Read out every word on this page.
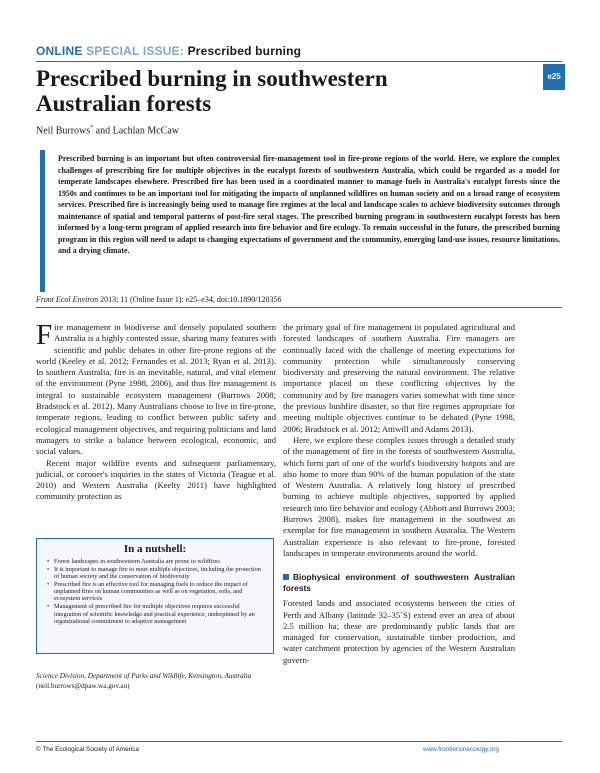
ONLINE SPECIAL ISSUE: Prescribed burning
e25
Prescribed burning in southwestern Australian forests
Neil Burrows* and Lachlan McCaw
Prescribed burning is an important but often controversial fire-management tool in fire-prone regions of the world. Here, we explore the complex challenges of prescribing fire for multiple objectives in the eucalypt forests of southwestern Australia, which could be regarded as a model for temperate landscapes elsewhere. Prescribed fire has been used in a coordinated manner to manage fuels in Australia's eucalypt forests since the 1950s and continues to be an important tool for mitigating the impacts of unplanned wildfires on human society and on a broad range of ecosystem services. Prescribed fire is increasingly being used to manage fire regimes at the local and landscape scales to achieve biodiversity outcomes through maintenance of spatial and temporal patterns of post-fire seral stages. The prescribed burning program in southwestern eucalypt forests has been informed by a long-term program of applied research into fire behavior and fire ecology. To remain successful in the future, the prescribed burning program in this region will need to adapt to changing expectations of government and the community, emerging land-use issues, resource limitations, and a drying climate.
Front Ecol Environ 2013; 11 (Online Issue 1): e25–e34, doi:10.1890/120356

Fire management in biodiverse and densely populated southern Australia is a highly contested issue, sharing many features with scientific and public debates in other fire-prone regions of the world (Keeley et al. 2012; Fernandes et al. 2013; Ryan et al. 2013). In southern Australia, fire is an inevitable, natural, and vital element of the environment (Pyne 1998, 2006), and thus fire management is integral to sustainable ecosystem management (Burrows 2008; Bradstock et al. 2012). Many Australians choose to live in fire-prone, temperate regions, leading to conflict between public safety and ecological management objectives, and requiring politicians and land managers to strike a balance between ecological, economic, and social values.

Recent major wildfire events and subsequent parliamentary, judicial, or coroner's inquiries in the states of Victoria (Teague et al. 2010) and Western Australia (Keelty 2011) have highlighted community protection as

In a nutshell:
• Forest landscapes in southwestern Australia are prone to wildfires
• It is important to manage fire to meet multiple objectives, including the protection of human society and the conservation of biodiversity
• Prescribed fire is an effective tool for managing fuels to reduce the impact of unplanned fires on human communities as well as on vegetation, soils, and ecosystem services
• Management of prescribed fire for multiple objectives requires successful integration of scientific knowledge and practical experience, underpinned by an organizational commitment to adaptive management
Science Division, Department of Parks and Wildlife, Kensington, Australia (neil.burrows@dpaw.wa.gov.au)

the primary goal of fire management in populated agricultural and forested landscapes of southern Australia. Fire managers are continually faced with the challenge of meeting expectations for community protection while simultaneously conserving biodiversity and preserving the natural environment. The relative importance placed on these conflicting objectives by the community and by fire managers varies somewhat with time since the previous bushfire disaster, so that fire regimes appropriate for meeting multiple objectives continue to be debated (Pyne 1998, 2006; Bradstock et al. 2012; Attiwill and Adams 2013).

Here, we explore these complex issues through a detailed study of the management of fire in the forests of southwestern Australia, which form part of one of the world's biodiversity hotpots and are also home to more than 90% of the human population of the state of Western Australia. A relatively long history of prescribed burning to achieve multiple objectives, supported by applied research into fire behavior and ecology (Abbott and Burrows 2003; Burrows 2008), makes fire management in the southwest an exemplar for fire management in southern Australia. The Western Australian experience is also relevant to fire-prone, forested landscapes in temperate environments around the world.

Biophysical environment of southwestern Australian forests

Forested lands and associated ecosystems between the cities of Perth and Albany (latitude 32–35˚S) extend over an area of about 2.5 million ha; these are predominantly public lands that are managed for conservation, sustainable timber production, and water catchment protection by agencies of the Western Australian govern-

© The Ecological Society of America	www.frontiersinecology.org
